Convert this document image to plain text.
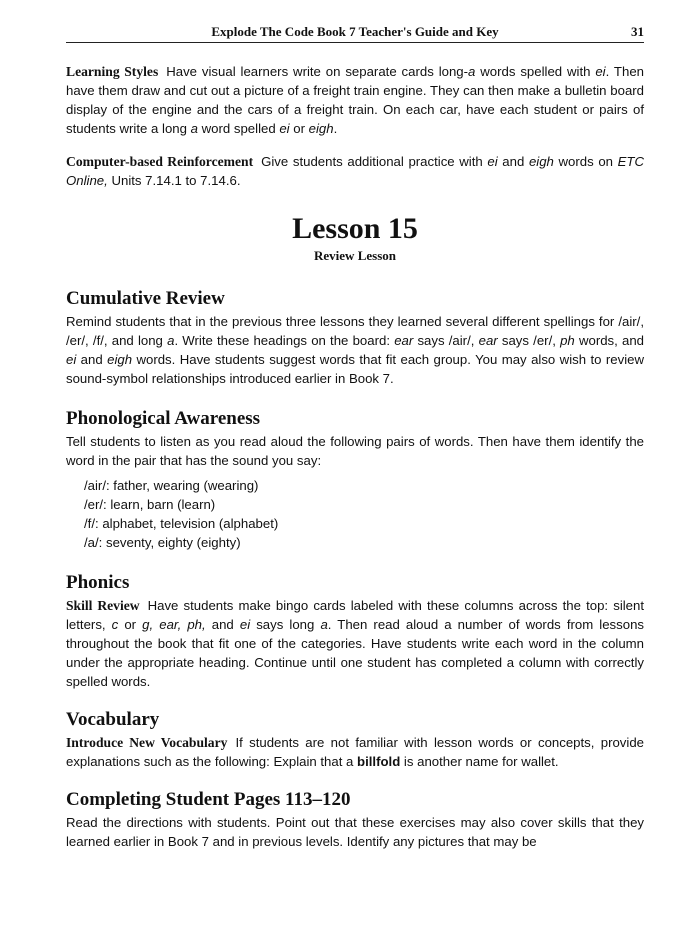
Explode The Code Book 7 Teacher's Guide and Key	31

Learning Styles Have visual learners write on separate cards long-a words spelled with ei. Then have them draw and cut out a picture of a freight train engine. They can then make a bulletin board display of the engine and the cars of a freight train. On each car, have each student or pairs of students write a long a word spelled ei or eigh.

Computer-based Reinforcement Give students additional practice with ei and eigh words on ETC Online, Units 7.14.1 to 7.14.6.

Lesson 15
Review Lesson
Cumulative Review

Remind students that in the previous three lessons they learned several different spellings for /air/, /er/, /f/, and long a. Write these headings on the board: ear says /air/, ear says /er/, ph words, and ei and eigh words. Have students suggest words that fit each group. You may also wish to review sound-symbol relationships introduced earlier in Book 7.

Phonological Awareness

Tell students to listen as you read aloud the following pairs of words. Then have them identify the word in the pair that has the sound you say:

/air/: father, wearing (wearing)
/er/: learn, barn (learn)
/f/: alphabet, television (alphabet)
/a/: seventy, eighty (eighty)
Phonics

Skill Review Have students make bingo cards labeled with these columns across the top: silent letters, c or g, ear, ph, and ei says long a. Then read aloud a number of words from lessons throughout the book that fit one of the categories. Have students write each word in the column under the appropriate heading. Continue until one student has completed a column with correctly spelled words.

Vocabulary

Introduce New Vocabulary If students are not familiar with lesson words or concepts, provide explanations such as the following: Explain that a billfold is another name for wallet.

Completing Student Pages 113–120

Read the directions with students. Point out that these exercises may also cover skills that they learned earlier in Book 7 and in previous levels. Identify any pictures that may be
